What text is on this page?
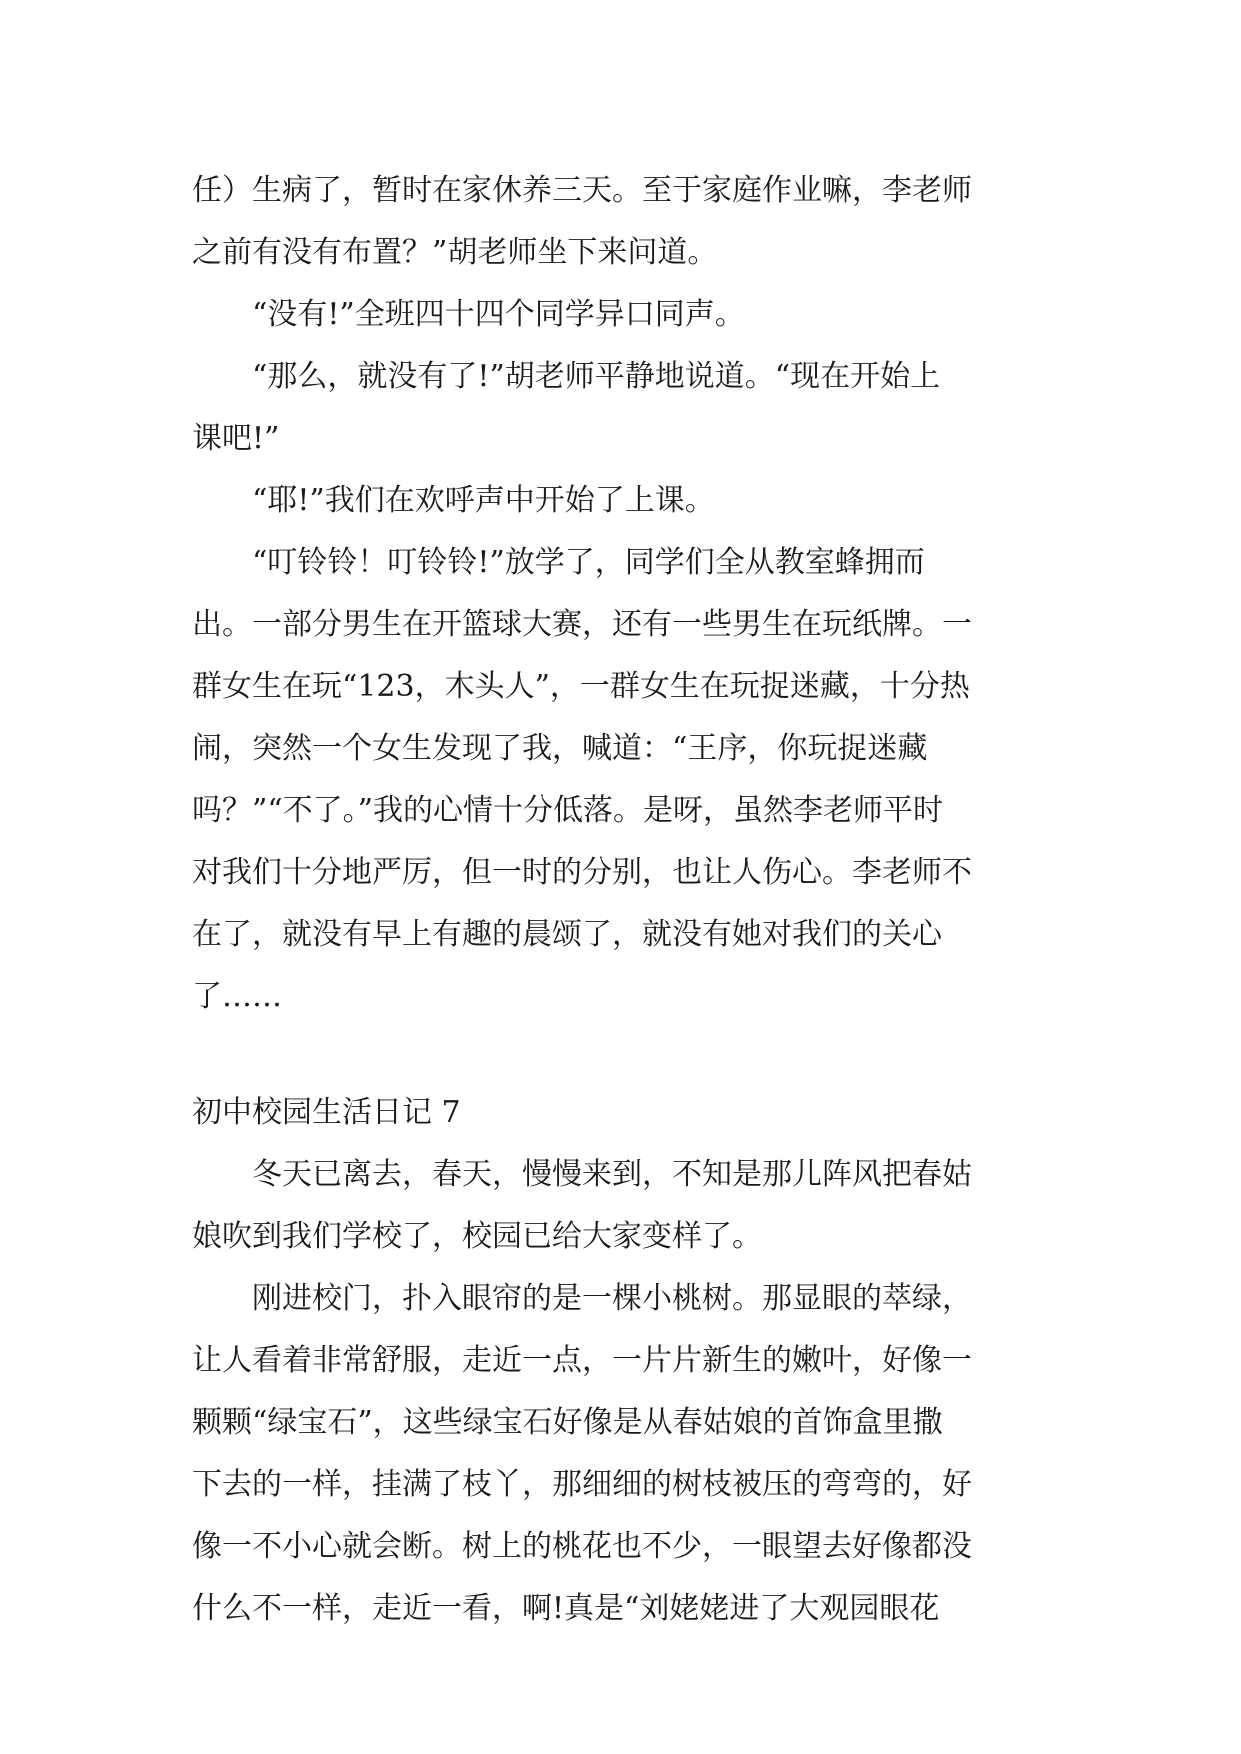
任）生病了，暂时在家休养三天。至于家庭作业嘛，李老师
之前有没有布置？”胡老师坐下来问道。
　　“没有!”全班四十四个同学异口同声。
　　“那么，就没有了!”胡老师平静地说道。“现在开始上
课吧!”
　　“耶!”我们在欢呼声中开始了上课。
　　“叮铃铃！叮铃铃!”放学了，同学们全从教室蜂拥而
出。一部分男生在开篮球大赛，还有一些男生在玩纸牌。一
群女生在玩“123，木头人”，一群女生在玩捉迷藏，十分热
闹，突然一个女生发现了我，喊道：“王序，你玩捉迷藏
吗？”“不了。”我的心情十分低落。是呀，虽然李老师平时
对我们十分地严厉，但一时的分别，也让人伤心。李老师不
在了，就没有早上有趣的晨颂了，就没有她对我们的关心
了……
初中校园生活日记 7
　　冬天已离去，春天，慢慢来到，不知是那儿阵风把春姑
娘吹到我们学校了，校园已给大家变样了。
　　刚进校门，扑入眼帘的是一棵小桃树。那显眼的萃绿，
让人看着非常舒服，走近一点，一片片新生的嫩叶，好像一
颗颗“绿宝石”，这些绿宝石好像是从春姑娘的首饰盒里撒
下去的一样，挂满了枝丫，那细细的树枝被压的弯弯的，好
像一不小心就会断。树上的桃花也不少，一眼望去好像都没
什么不一样，走近一看，啊!真是“刘姥姥进了大观园眼花
